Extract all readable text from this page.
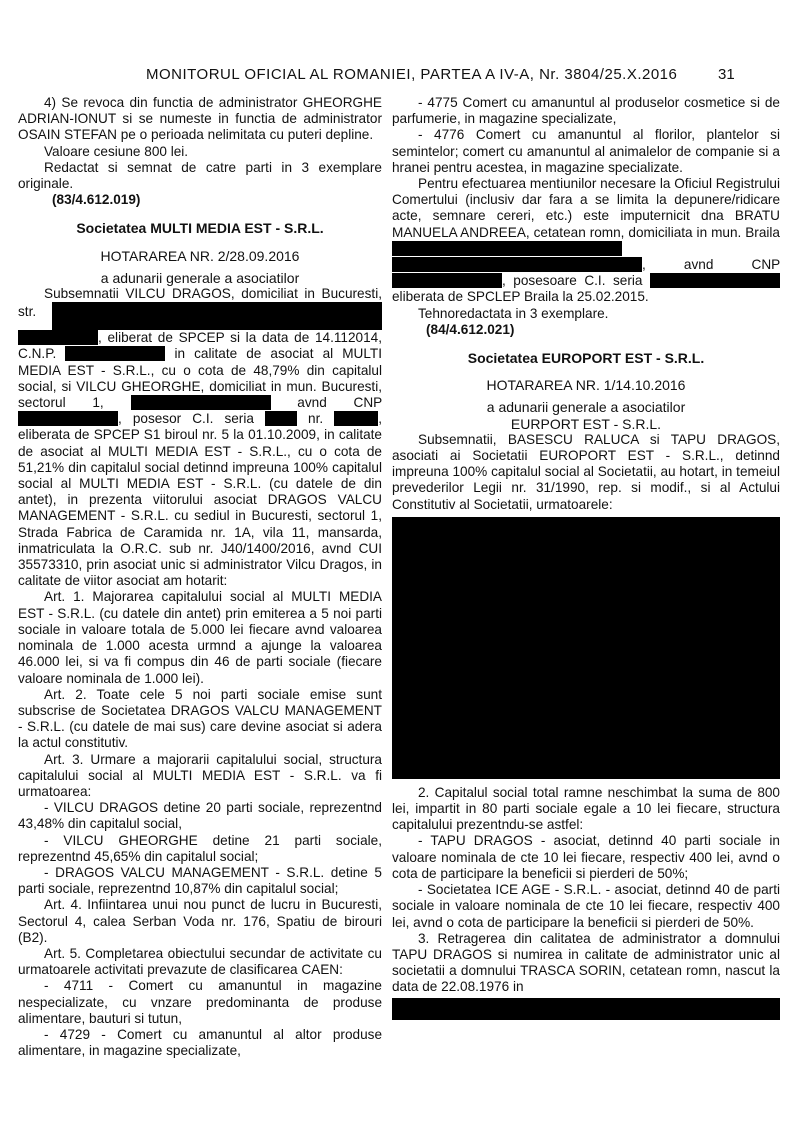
MONITORUL OFICIAL AL ROMANIEI, PARTEA A IV-A, Nr. 3804/25.X.2016	31

4) Se revoca din functia de administrator GHEORGHE ADRIAN-IONUT si se numeste in functia de administrator OSAIN STEFAN pe o perioada nelimitata cu puteri depline.

Valoare cesiune 800 lei.

Redactat si semnat de catre parti in 3 exemplare originale.

(83/4.612.019)

Societatea MULTI MEDIA EST - S.R.L.

HOTARAREA NR. 2/28.09.2016

a adunarii generale a asociatilor

Subsemnatii VILCU DRAGOS, domiciliat in Bucuresti, str.  , eliberat de SPCEP si la data de 14.112014, C.N.P.	in calitate de asociat al MULTI MEDIA EST - S.R.L., cu o cota de 48,79% din capitalul social, si VILCU GHEORGHE, domiciliat in mun. Bucuresti, sectorul 1,	avnd CNP , posesor C.I. seria	nr.	, eliberata de SPCEP S1 biroul nr. 5 la 01.10.2009, in calitate de asociat al MULTI MEDIA EST - S.R.L., cu o cota de 51,21% din capitalul social detinnd impreuna 100% capitalul social al MULTI MEDIA EST - S.R.L. (cu datele de din antet), in prezenta viitorului asociat DRAGOS VALCU MANAGEMENT - S.R.L. cu sediul in Bucuresti, sectorul 1, Strada Fabrica de Caramida nr. 1A, vila 11, mansarda, inmatriculata la O.R.C. sub nr. J40/1400/2016, avnd CUI 35573310, prin asociat unic si administrator Vilcu Dragos, in calitate de viitor asociat am hotarit:

Art. 1. Majorarea capitalului social al MULTI MEDIA EST - S.R.L. (cu datele din antet) prin emiterea a 5 noi parti sociale in valoare totala de 5.000 lei fiecare avnd valoarea nominala de 1.000 acesta urmnd a ajunge la valoarea 46.000 lei, si va fi compus din 46 de parti sociale (fiecare valoare nominala de 1.000 lei).

Art. 2. Toate cele 5 noi parti sociale emise sunt subscrise de Societatea DRAGOS VALCU MANAGEMENT - S.R.L. (cu datele de mai sus) care devine asociat si adera la actul constitutiv.

Art. 3. Urmare a majorarii capitalului social, structura capitalului social al MULTI MEDIA EST - S.R.L. va fi urmatoarea:

- VILCU DRAGOS detine 20 parti sociale, reprezentnd 43,48% din capitalul social,

- VILCU GHEORGHE detine 21 parti sociale, reprezentnd 45,65% din capitalul social;

- DRAGOS VALCU MANAGEMENT - S.R.L. detine 5 parti sociale, reprezentnd 10,87% din capitalul social;

Art. 4. Infiintarea unui nou punct de lucru in Bucuresti, Sectorul 4, calea Serban Voda nr. 176, Spatiu de birouri (B2).

Art. 5. Completarea obiectului secundar de activitate cu urmatoarele activitati prevazute de clasificarea CAEN:

- 4711 - Comert cu amanuntul in magazine nespecializate, cu vnzare predominanta de produse alimentare, bauturi si tutun,

- 4729 - Comert cu amanuntul al altor produse alimentare, in magazine specializate,

- 4775 Comert cu amanuntul al produselor cosmetice si de parfumerie, in magazine specializate,

- 4776 Comert cu amanuntul al florilor, plantelor si semintelor; comert cu amanuntul al animalelor de companie si a hranei pentru acestea, in magazine specializate.

Pentru efectuarea mentiunilor necesare la Oficiul Registrului Comertului (inclusiv dar fara a se limita la depunere/ridicare acte, semnare cereri, etc.) este imputernicit dna BRATU MANUELA ANDREEA, cetatean romn, domiciliata in mun. Braila  , avnd CNP , posesoare C.I. seria  eliberata de SPCLEP Braila la 25.02.2015.

Tehnoredactata in 3 exemplare.

(84/4.612.021)

Societatea EUROPORT EST - S.R.L.

HOTARAREA NR. 1/14.10.2016

a adunarii generale a asociatilor

EURPORT EST - S.R.L.

Subsemnatii, BASESCU RALUCA si TAPU DRAGOS, asociati ai Societatii EUROPORT EST - S.R.L., detinnd impreuna 100% capitalul social al Societatii, au hotart, in temeiul prevederilor Legii nr. 31/1990, rep. si modif., si al Actului Constitutiv al Societatii, urmatoarele:

2. Capitalul social total ramne neschimbat la suma de 800 lei, impartit in 80 parti sociale egale a 10 lei fiecare, structura capitalului prezentndu-se astfel:

- TAPU DRAGOS - asociat, detinnd 40 parti sociale in valoare nominala de cte 10 lei fiecare, respectiv 400 lei, avnd o cota de participare la beneficii si pierderi de 50%;

- Societatea ICE AGE - S.R.L. - asociat, detinnd 40 de parti sociale in valoare nominala de cte 10 lei fiecare, respectiv 400 lei, avnd o cota de participare la beneficii si pierderi de 50%.

3. Retragerea din calitatea de administrator a domnului TAPU DRAGOS si numirea in calitate de administrator unic al societatii a domnului TRASCA SORIN, cetatean romn, nascut la data de 22.08.1976 in
